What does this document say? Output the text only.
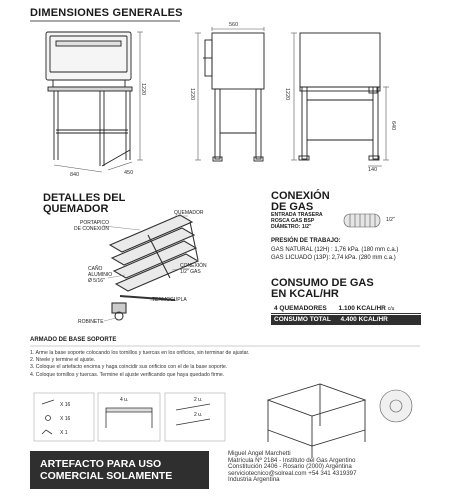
DIMENSIONES GENERALES
840
1220
450
560
1220	1220
640
140
DETALLES DEL
QUEMADOR
PORTAPICO
DE CONEXIÓN
QUEMADOR
CAÑO
ALUMINIO
Ø 5/16"
CONEXIÓN
1/2" GAS
TERMOCUPLA
ROBINETE
CONEXIÓN
DE GAS
ENTRADA TRASERA
ROSCA GAS BSP
DIÁMETRO: 1/2"
1/2"
PRESIÓN DE TRABAJO:
GAS NATURAL (12H) : 1,76 kPa. (180 mm c.a.)
GAS LICUADO (13P): 2,74 kPa. (280 mm c.a.)
CONSUMO DE GAS
EN KCAL/HR
4 QUEMADORES 1.100 KCAL/HR c/u
CONSUMO TOTAL 4.400 KCAL/HR
ARMADO DE BASE SOPORTE
1. Arme la base soporte colocando los tornillos y tuercas en los orificios, sin terminar de ajustar.
2. Nivele y termine el ajuste.
3. Coloque el artefacto encima y haga coincidir sus orificios con el de la base soporte.
4. Coloque tornillos y tuercas. Termine el ajuste verificando que haya quedado firme.
X 16
X 16
X 1
4 u.	2 u.
2 u.
ARTEFACTO PARA USO
COMERCIAL SOLAMENTE
Miguel Angel Marchetti
Matrícula Nº 2184 - Instituto del Gas Argentino
Constitución 2406 - Rosario (2000) Argentina
serviciotecnico@solreal.com +54 341 4319397
Industria Argentina
